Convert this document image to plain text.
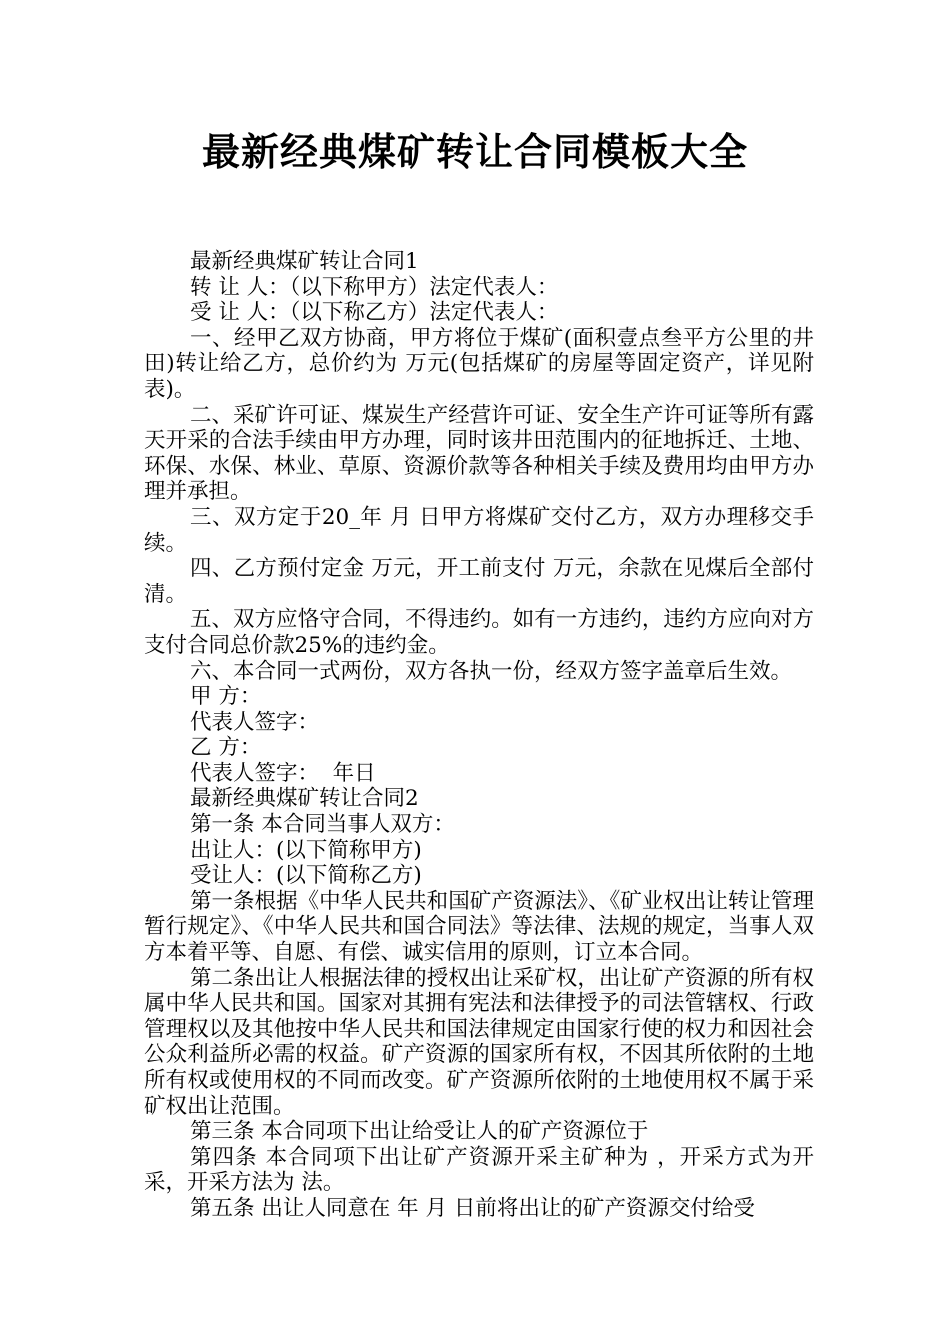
最新经典煤矿转让合同模板大全
最新经典煤矿转让合同1
转 让 人：（以下称甲方）法定代表人：
受 让 人：（以下称乙方）法定代表人：

一、经甲乙双方协商，甲方将位于煤矿(面积壹点叁平方公里的井田)转让给乙方，总价约为 万元(包括煤矿的房屋等固定资产，详见附表)。

二、采矿许可证、煤炭生产经营许可证、安全生产许可证等所有露天开采的合法手续由甲方办理，同时该井田范围内的征地拆迁、土地、环保、水保、林业、草原、资源价款等各种相关手续及费用均由甲方办理并承担。

三、双方定于20_年 月 日甲方将煤矿交付乙方，双方办理移交手续。

四、乙方预付定金 万元，开工前支付 万元，余款在见煤后全部付清。

五、双方应恪守合同，不得违约。如有一方违约，违约方应向对方支付合同总价款25%的违约金。

六、本合同一式两份，双方各执一份，经双方签字盖章后生效。
甲 方：
代表人签字：
乙 方：
代表人签字：  年日
最新经典煤矿转让合同2
第一条 本合同当事人双方：
出让人：(以下简称甲方)
受让人：(以下简称乙方)

第一条根据《中华人民共和国矿产资源法》、《矿业权出让转让管理暂行规定》、《中华人民共和国合同法》等法律、法规的规定，当事人双方本着平等、自愿、有偿、诚实信用的原则，订立本合同。

第二条出让人根据法律的授权出让采矿权，出让矿产资源的所有权属中华人民共和国。国家对其拥有宪法和法律授予的司法管辖权、行政管理权以及其他按中华人民共和国法律规定由国家行使的权力和因社会公众利益所必需的权益。矿产资源的国家所有权，不因其所依附的土地所有权或使用权的不同而改变。矿产资源所依附的土地使用权不属于采矿权出让范围。

第三条 本合同项下出让给受让人的矿产资源位于

第四条 本合同项下出让矿产资源开采主矿种为 ，开采方式为开采，开采方法为 法。

第五条 出让人同意在 年 月 日前将出让的矿产资源交付给受
